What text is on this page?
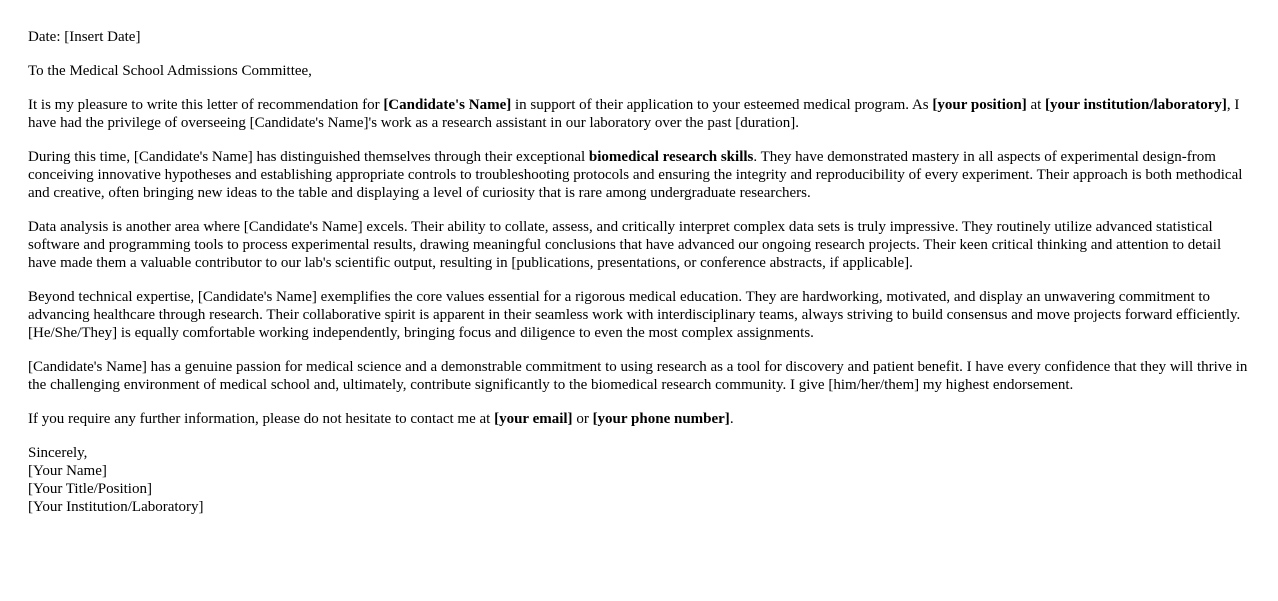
Date: [Insert Date]

To the Medical School Admissions Committee,

It is my pleasure to write this letter of recommendation for [Candidate's Name] in support of their application to your esteemed medical program. As [your position] at [your institution/laboratory], I have had the privilege of overseeing [Candidate's Name]'s work as a research assistant in our laboratory over the past [duration].

During this time, [Candidate's Name] has distinguished themselves through their exceptional biomedical research skills. They have demonstrated mastery in all aspects of experimental design-from conceiving innovative hypotheses and establishing appropriate controls to troubleshooting protocols and ensuring the integrity and reproducibility of every experiment. Their approach is both methodical and creative, often bringing new ideas to the table and displaying a level of curiosity that is rare among undergraduate researchers.

Data analysis is another area where [Candidate's Name] excels. Their ability to collate, assess, and critically interpret complex data sets is truly impressive. They routinely utilize advanced statistical software and programming tools to process experimental results, drawing meaningful conclusions that have advanced our ongoing research projects. Their keen critical thinking and attention to detail have made them a valuable contributor to our lab's scientific output, resulting in [publications, presentations, or conference abstracts, if applicable].

Beyond technical expertise, [Candidate's Name] exemplifies the core values essential for a rigorous medical education. They are hardworking, motivated, and display an unwavering commitment to advancing healthcare through research. Their collaborative spirit is apparent in their seamless work with interdisciplinary teams, always striving to build consensus and move projects forward efficiently. [He/She/They] is equally comfortable working independently, bringing focus and diligence to even the most complex assignments.

[Candidate's Name] has a genuine passion for medical science and a demonstrable commitment to using research as a tool for discovery and patient benefit. I have every confidence that they will thrive in the challenging environment of medical school and, ultimately, contribute significantly to the biomedical research community. I give [him/her/them] my highest endorsement.

If you require any further information, please do not hesitate to contact me at [your email] or [your phone number].

Sincerely,
[Your Name]
[Your Title/Position]
[Your Institution/Laboratory]
